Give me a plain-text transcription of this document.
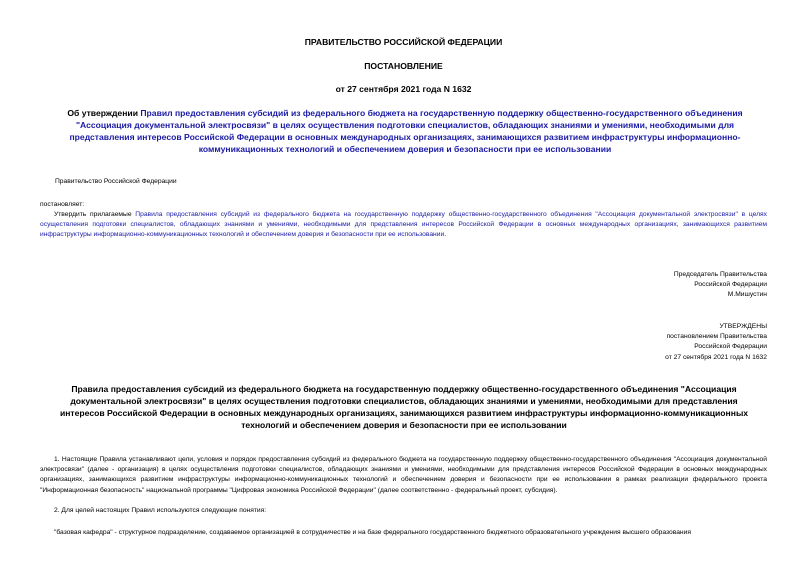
ПРАВИТЕЛЬСТВО РОССИЙСКОЙ ФЕДЕРАЦИИ
ПОСТАНОВЛЕНИЕ
от 27 сентября 2021 года N 1632
Об утверждении Правил предоставления субсидий из федерального бюджета на государственную поддержку общественно-государственного объединения "Ассоциация документальной электросвязи" в целях осуществления подготовки специалистов, обладающих знаниями и умениями, необходимыми для представления интересов Российской Федерации в основных международных организациях, занимающихся развитием инфраструктуры информационно-коммуникационных технологий и обеспечением доверия и безопасности при ее использовании
Правительство Российской Федерации
постановляет:
Утвердить прилагаемые Правила предоставления субсидий из федерального бюджета на государственную поддержку общественно-государственного объединения "Ассоциация документальной электросвязи" в целях осуществления подготовки специалистов, обладающих знаниями и умениями, необходимыми для представления интересов Российской Федерации в основных международных организациях, занимающихся развитием инфраструктуры информационно-коммуникационных технологий и обеспечением доверия и безопасности при ее использовании.
Председатель Правительства
Российской Федерации
М.Мишустин
УТВЕРЖДЕНЫ
постановлением Правительства
Российской Федерации
от 27 сентября 2021 года N 1632
Правила предоставления субсидий из федерального бюджета на государственную поддержку общественно-государственного объединения "Ассоциация документальной электросвязи" в целях осуществления подготовки специалистов, обладающих знаниями и умениями, необходимыми для представления интересов Российской Федерации в основных международных организациях, занимающихся развитием инфраструктуры информационно-коммуникационных технологий и обеспечением доверия и безопасности при ее использовании
1. Настоящие Правила устанавливают цели, условия и порядок предоставления субсидий из федерального бюджета на государственную поддержку общественно-государственного объединения "Ассоциация документальной электросвязи" (далее - организация) в целях осуществления подготовки специалистов, обладающих знаниями и умениями, необходимыми для представления интересов Российской Федерации в основных международных организациях, занимающихся развитием инфраструктуры информационно-коммуникационных технологий и обеспечением доверия и безопасности при ее использовании в рамках реализации федерального проекта "Информационная безопасность" национальной программы "Цифровая экономика Российской Федерации" (далее соответственно - федеральный проект, субсидия).
2. Для целей настоящих Правил используются следующие понятия:
"базовая кафедра" - структурное подразделение, создаваемое организацией в сотрудничестве и на базе федерального государственного бюджетного образовательного учреждения высшего образования
